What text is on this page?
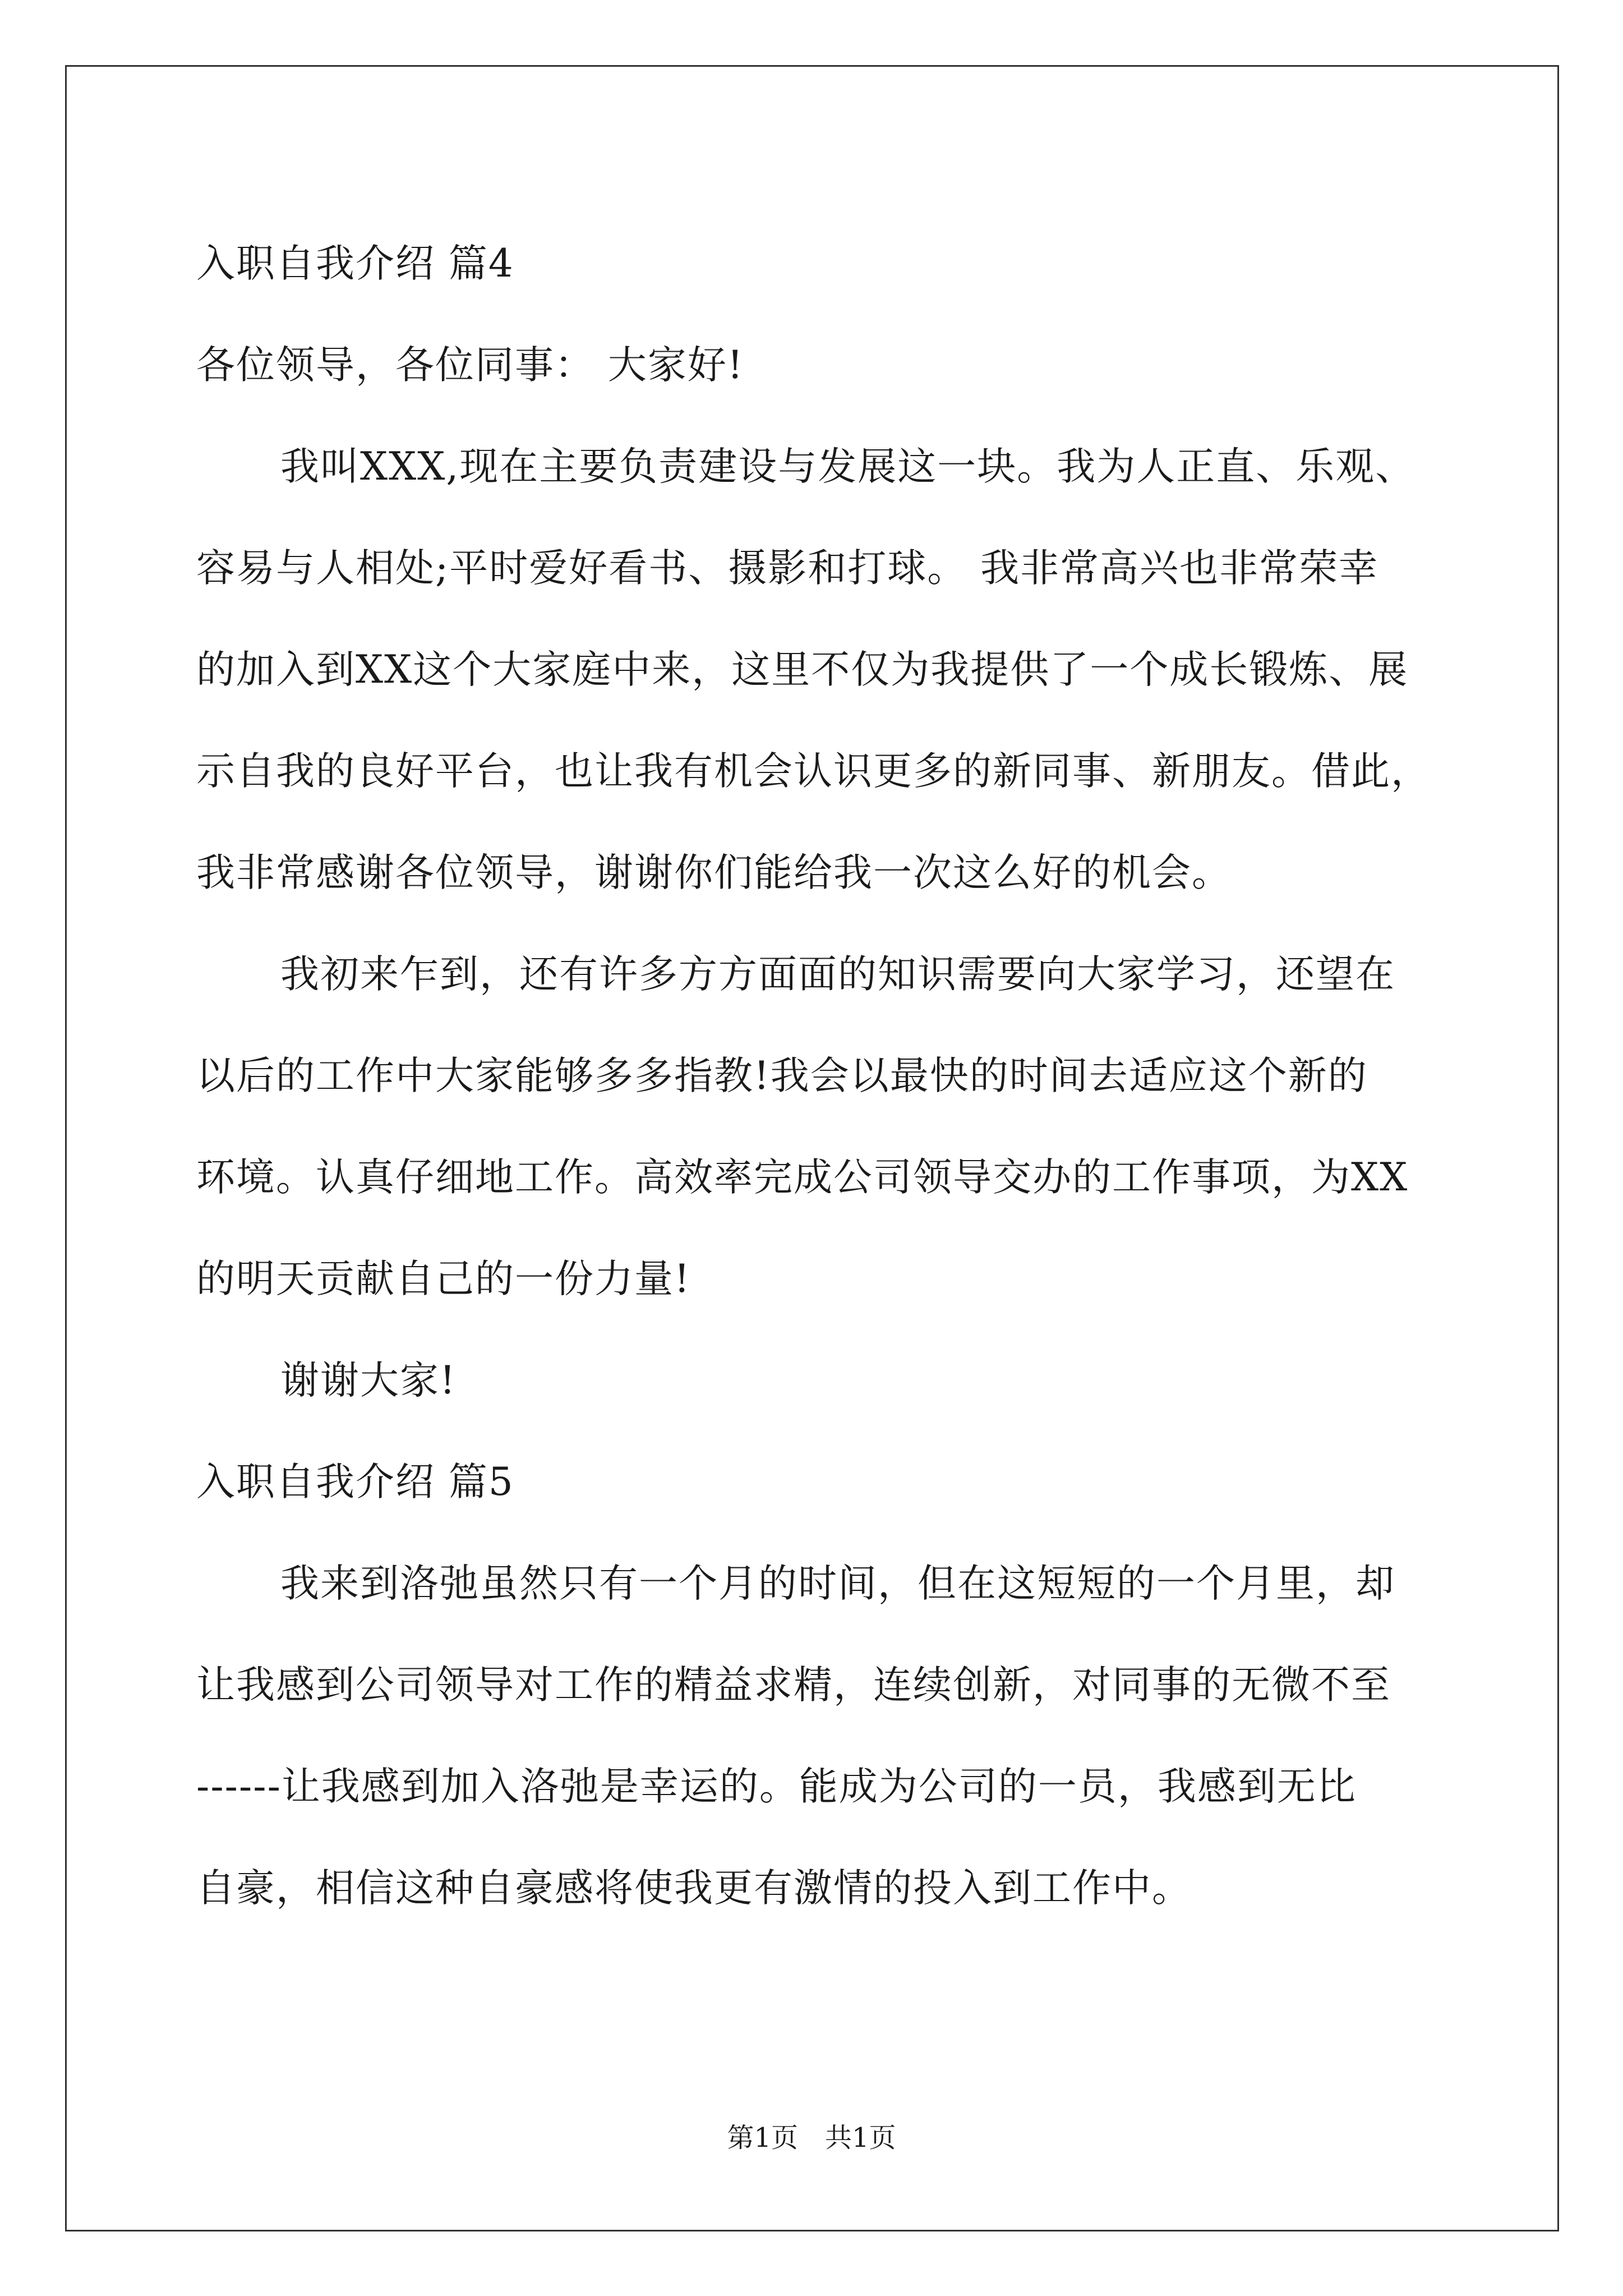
入职自我介绍 篇4
各位领导，各位同事： 大家好!
我叫XXX,现在主要负责建设与发展这一块。我为人正直、乐观、
容易与人相处;平时爱好看书、摄影和打球。 我非常高兴也非常荣幸
的加入到XX这个大家庭中来，这里不仅为我提供了一个成长锻炼、展
示自我的良好平台，也让我有机会认识更多的新同事、新朋友。借此，
我非常感谢各位领导，谢谢你们能给我一次这么好的机会。
我初来乍到，还有许多方方面面的知识需要向大家学习，还望在
以后的工作中大家能够多多指教!我会以最快的时间去适应这个新的
环境。认真仔细地工作。高效率完成公司领导交办的工作事项，为XX
的明天贡献自己的一份力量!
谢谢大家!
入职自我介绍 篇5
我来到洛弛虽然只有一个月的时间，但在这短短的一个月里，却
让我感到公司领导对工作的精益求精，连续创新，对同事的无微不至
------让我感到加入洛弛是幸运的。能成为公司的一员，我感到无比
自豪，相信这种自豪感将使我更有激情的投入到工作中。
第1页 共1页
